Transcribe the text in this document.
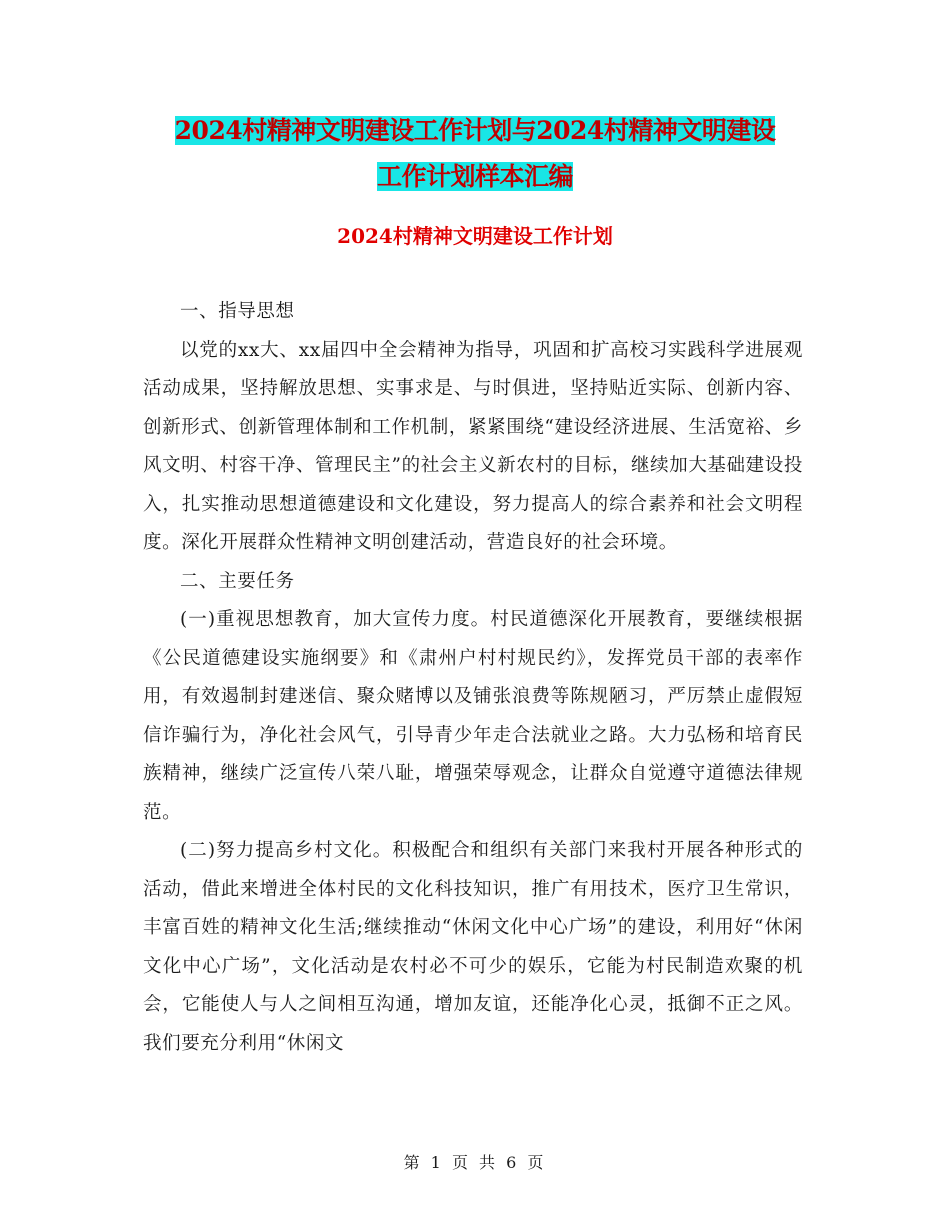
2024村精神文明建设工作计划与2024村精神文明建设
工作计划样本汇编
2024村精神文明建设工作计划

一、指导思想

以党的xx大、xx届四中全会精神为指导，巩固和扩高校习实践科学进展观活动成果，坚持解放思想、实事求是、与时俱进，坚持贴近实际、创新内容、创新形式、创新管理体制和工作机制，紧紧围绕“建设经济进展、生活宽裕、乡风文明、村容干净、管理民主”的社会主义新农村的目标，继续加大基础建设投入，扎实推动思想道德建设和文化建设，努力提高人的综合素养和社会文明程度。深化开展群众性精神文明创建活动，营造良好的社会环境。

二、主要任务

(一)重视思想教育，加大宣传力度。村民道德深化开展教育，要继续根据《公民道德建设实施纲要》和《肃州户村村规民约》，发挥党员干部的表率作用，有效遏制封建迷信、聚众赌博以及铺张浪费等陈规陋习，严厉禁止虚假短信诈骗行为，净化社会风气，引导青少年走合法就业之路。大力弘杨和培育民族精神，继续广泛宣传八荣八耻，增强荣辱观念，让群众自觉遵守道德法律规范。

(二)努力提高乡村文化。积极配合和组织有关部门来我村开展各种形式的活动，借此来增进全体村民的文化科技知识，推广有用技术，医疗卫生常识，丰富百姓的精神文化生活;继续推动“休闲文化中心广场”的建设，利用好“休闲文化中心广场”，文化活动是农村必不可少的娱乐，它能为村民制造欢聚的机会，它能使人与人之间相互沟通，增加友谊，还能净化心灵，抵御不正之风。我们要充分利用“休闲文

第 1 页 共 6 页
